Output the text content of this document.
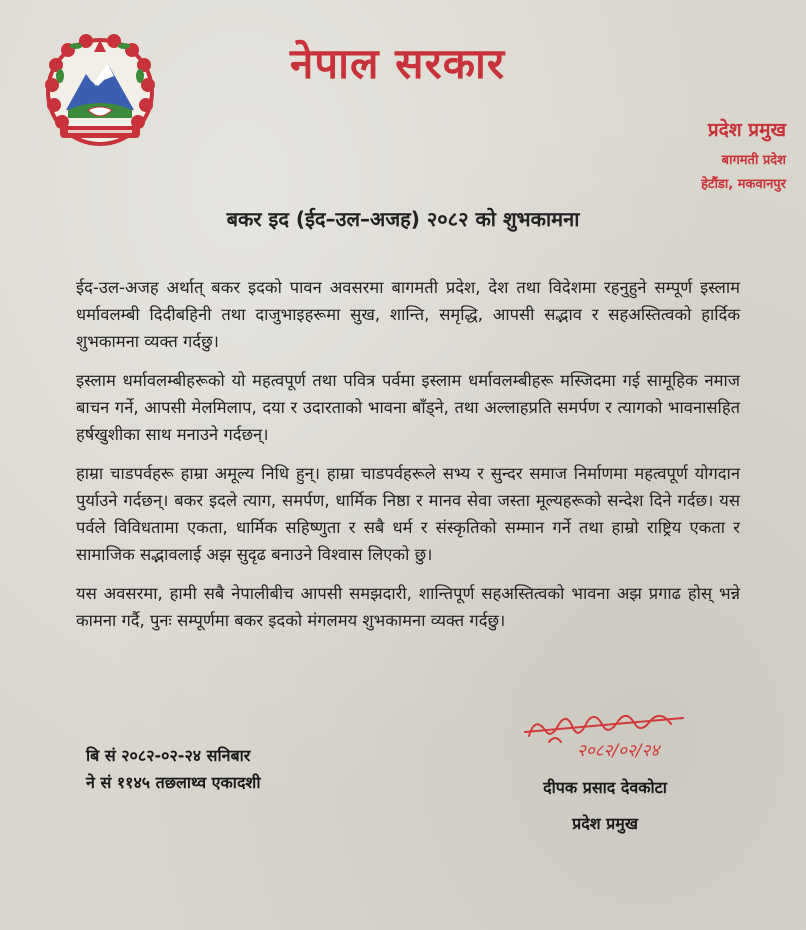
नेपाल सरकार
प्रदेश प्रमुख
बागमती प्रदेश
हेटौंडा, मकवानपुर
बकर इद (ईद–उल–अजह) २०८२ को शुभकामना

ईद-उल-अजह अर्थात् बकर इदको पावन अवसरमा बागमती प्रदेश, देश तथा विदेशमा रहनुहुने सम्पूर्ण इस्लाम धर्मावलम्बी दिदीबहिनी तथा दाजुभाइहरूमा सुख, शान्ति, समृद्धि, आपसी सद्भाव र सहअस्तित्वको हार्दिक शुभकामना व्यक्त गर्दछु।

इस्लाम धर्मावलम्बीहरूको यो महत्वपूर्ण तथा पवित्र पर्वमा इस्लाम धर्मावलम्बीहरू मस्जिदमा गई सामूहिक नमाज बाचन गर्ने, आपसी मेलमिलाप, दया र उदारताको भावना बाँड्ने, तथा अल्लाहप्रति समर्पण र त्यागको भावनासहित हर्षखुशीका साथ मनाउने गर्दछन्।

हाम्रा चाडपर्वहरू हाम्रा अमूल्य निधि हुन्। हाम्रा चाडपर्वहरूले सभ्य र सुन्दर समाज निर्माणमा महत्वपूर्ण योगदान पुर्याउने गर्दछन्। बकर इदले त्याग, समर्पण, धार्मिक निष्ठा र मानव सेवा जस्ता मूल्यहरूको सन्देश दिने गर्दछ। यस पर्वले विविधतामा एकता, धार्मिक सहिष्णुता र सबै धर्म र संस्कृतिको सम्मान गर्ने तथा हाम्रो राष्ट्रिय एकता र सामाजिक सद्भावलाई अझ सुदृढ बनाउने विश्वास लिएको छु।

यस अवसरमा, हामी सबै नेपालीबीच आपसी समझदारी, शान्तिपूर्ण सहअस्तित्वको भावना अझ प्रगाढ होस् भन्ने कामना गर्दै, पुनः सम्पूर्णमा बकर इदको मंगलमय शुभकामना व्यक्त गर्दछु।

बि सं २०८२-०२-२४ सनिबार
ने सं ११४५ तछलाथ्व एकादशी
२०८२/०२/२४
दीपक प्रसाद देवकोटा
प्रदेश प्रमुख
